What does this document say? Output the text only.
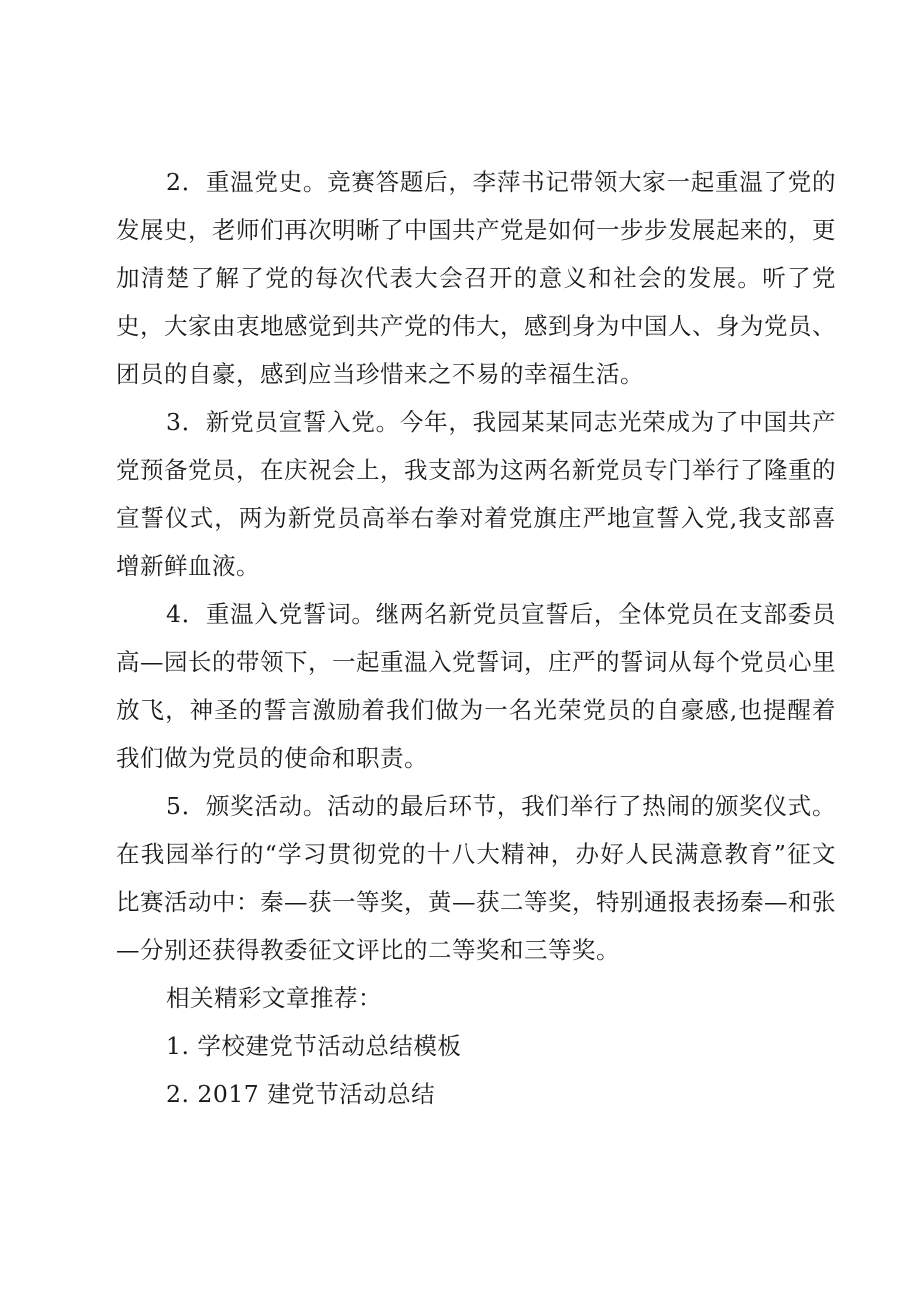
2．重温党史。竞赛答题后，李萍书记带领大家一起重温了党的发展史，老师们再次明晰了中国共产党是如何一步步发展起来的，更加清楚了解了党的每次代表大会召开的意义和社会的发展。听了党史，大家由衷地感觉到共产党的伟大，感到身为中国人、身为党员、团员的自豪，感到应当珍惜来之不易的幸福生活。

3．新党员宣誓入党。今年，我园某某同志光荣成为了中国共产党预备党员，在庆祝会上，我支部为这两名新党员专门举行了隆重的宣誓仪式，两为新党员高举右拳对着党旗庄严地宣誓入党,我支部喜增新鲜血液。

4．重温入党誓词。继两名新党员宣誓后，全体党员在支部委员高—园长的带领下，一起重温入党誓词，庄严的誓词从每个党员心里放飞，神圣的誓言激励着我们做为一名光荣党员的自豪感,也提醒着我们做为党员的使命和职责。

5．颁奖活动。活动的最后环节，我们举行了热闹的颁奖仪式。在我园举行的“学习贯彻党的十八大精神，办好人民满意教育”征文比赛活动中：秦—获一等奖，黄—获二等奖，特别通报表扬秦—和张—分别还获得教委征文评比的二等奖和三等奖。

相关精彩文章推荐：

1. 学校建党节活动总结模板
2. 2017 建党节活动总结
